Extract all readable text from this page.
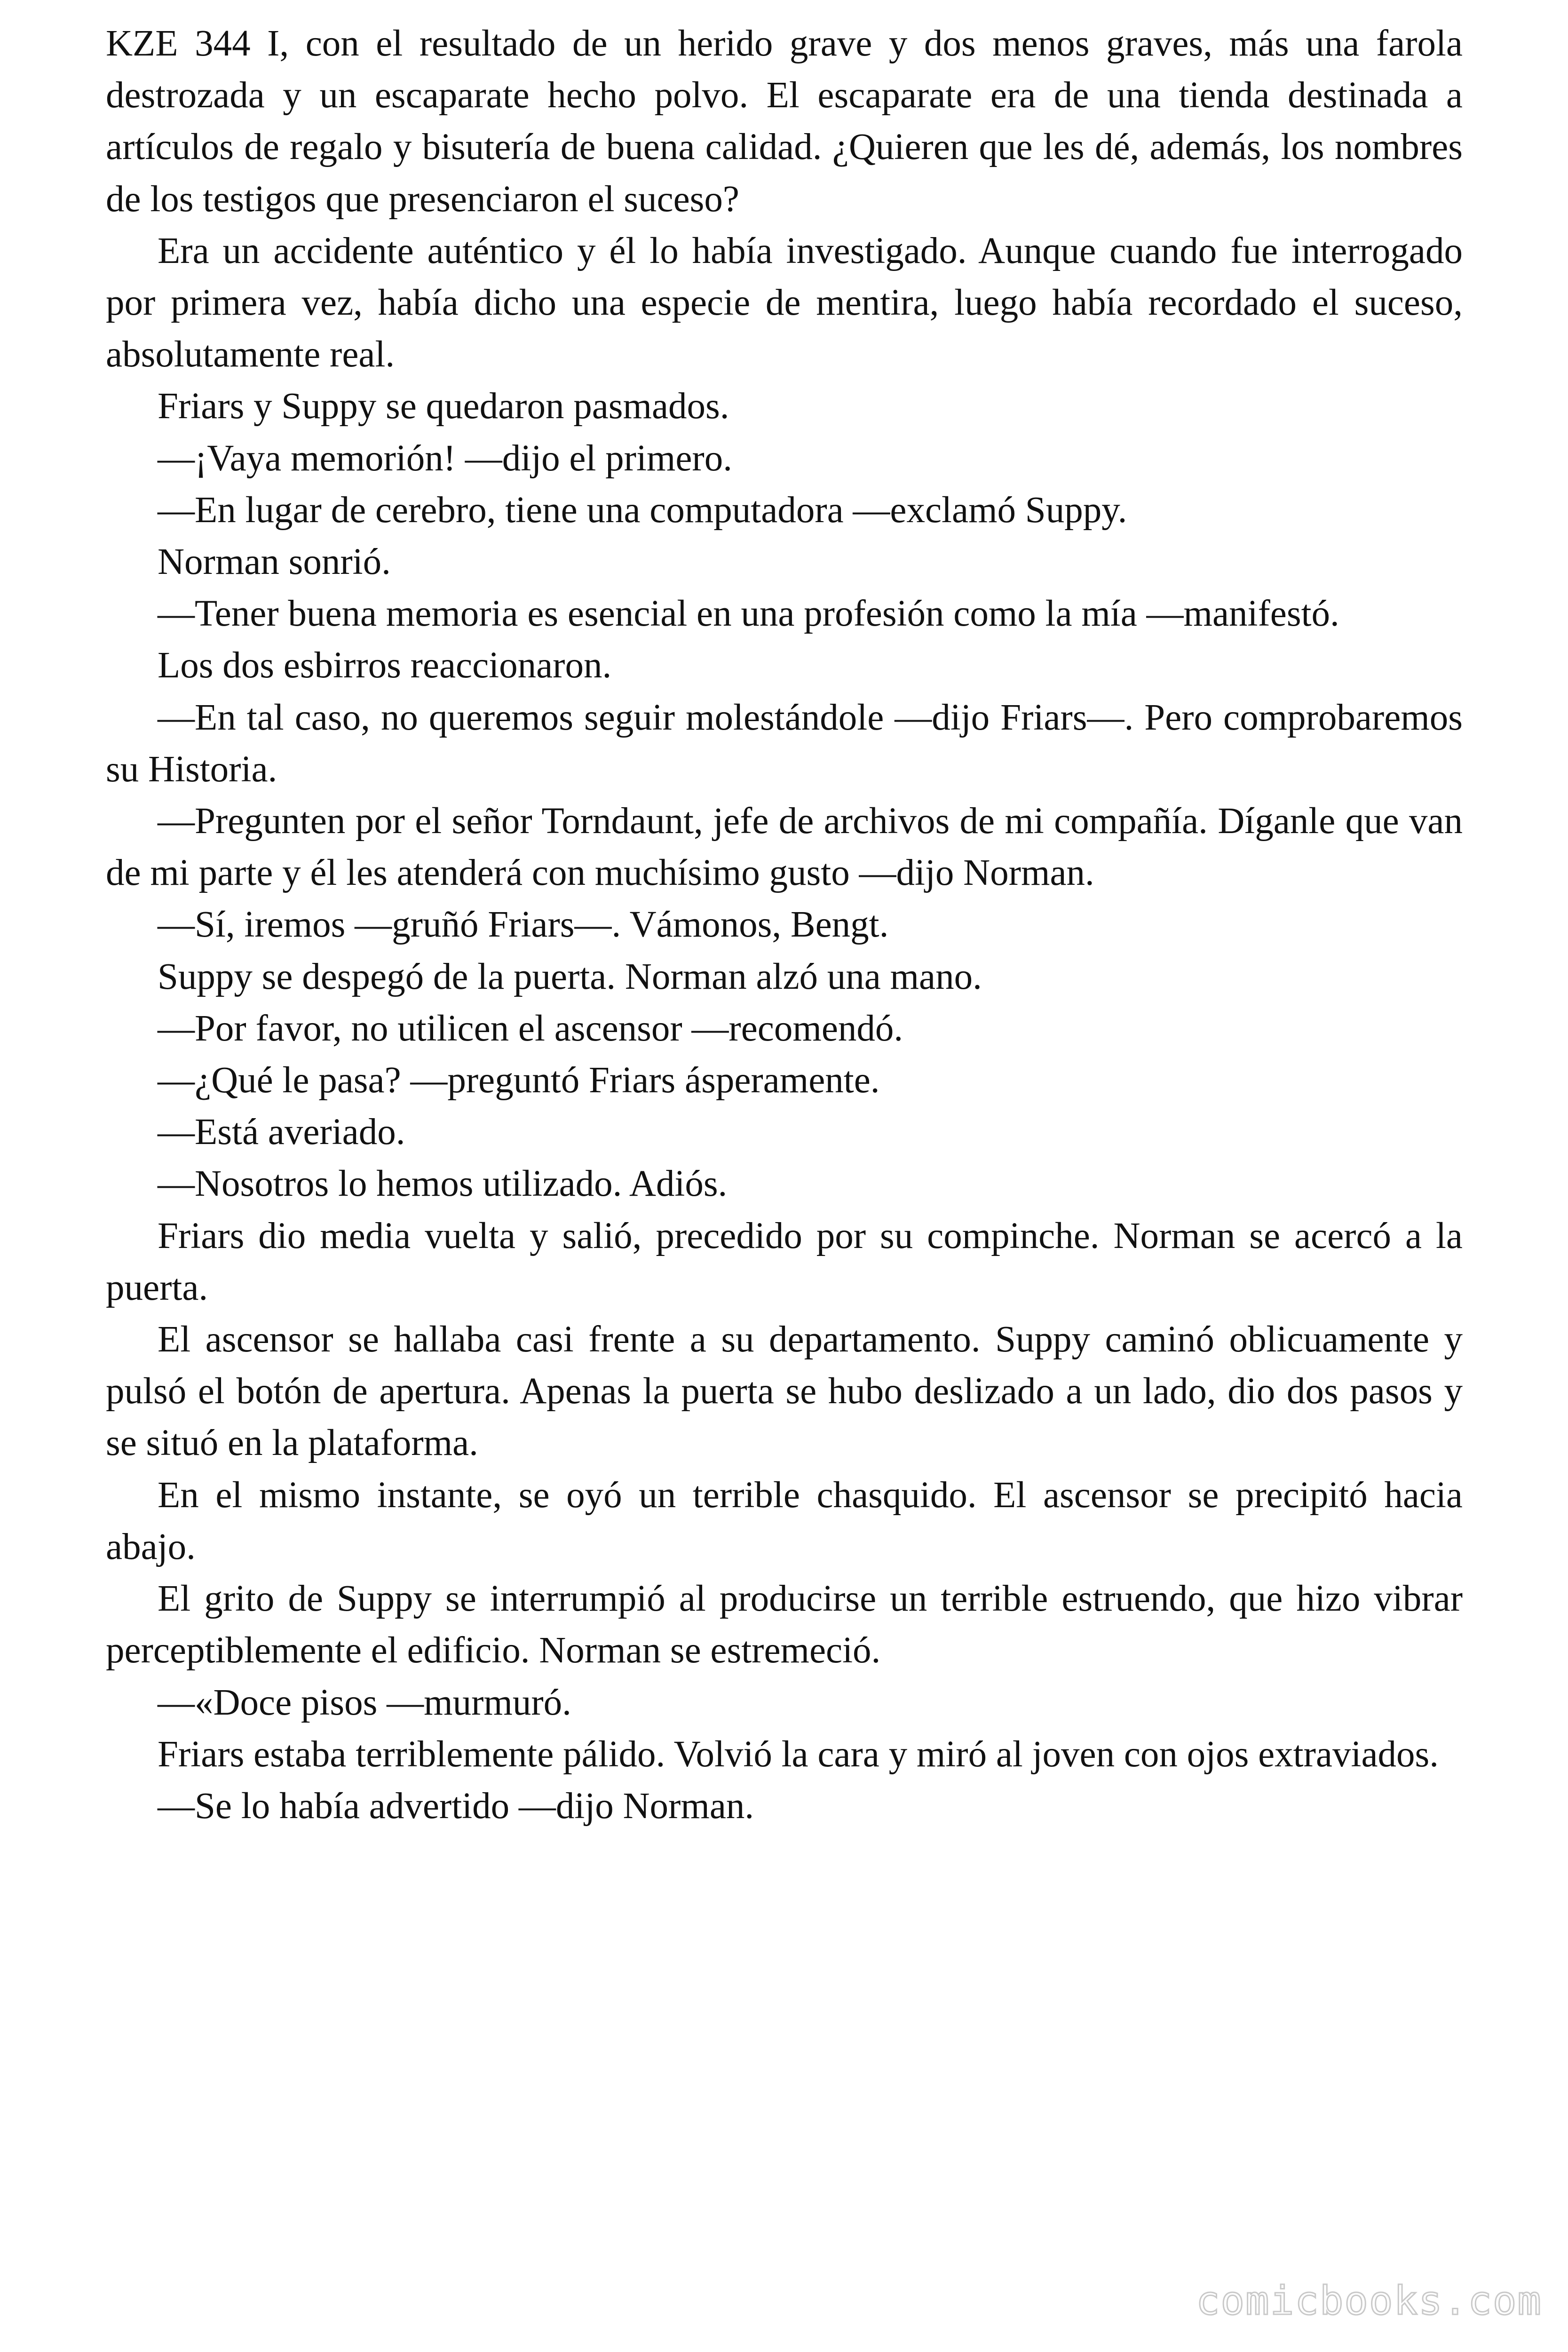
KZE 344 I, con el resultado de un herido grave y dos menos graves, más una farola destrozada y un escaparate hecho polvo. El escaparate era de una tienda destinada a artículos de regalo y bisutería de buena calidad. ¿Quieren que les dé, además, los nombres de los testigos que presenciaron el suceso?

Era un accidente auténtico y él lo había investigado. Aunque cuando fue interrogado por primera vez, había dicho una especie de mentira, luego había recordado el suceso, absolutamente real.

Friars y Suppy se quedaron pasmados.

—¡Vaya memorión! —dijo el primero.

—En lugar de cerebro, tiene una computadora —exclamó Suppy.

Norman sonrió.

—Tener buena memoria es esencial en una profesión como la mía —manifestó.

Los dos esbirros reaccionaron.

—En tal caso, no queremos seguir molestándole —dijo Friars—. Pero comprobaremos su Historia.

—Pregunten por el señor Torndaunt, jefe de archivos de mi compañía. Díganle que van de mi parte y él les atenderá con muchísimo gusto —dijo Norman.

—Sí, iremos —gruñó Friars—. Vámonos, Bengt.

Suppy se despegó de la puerta. Norman alzó una mano.

—Por favor, no utilicen el ascensor —recomendó.

—¿Qué le pasa? —preguntó Friars ásperamente.

—Está averiado.

—Nosotros lo hemos utilizado. Adiós.

Friars dio media vuelta y salió, precedido por su compinche. Norman se acercó a la puerta.

El ascensor se hallaba casi frente a su departamento. Suppy caminó oblicuamente y pulsó el botón de apertura. Apenas la puerta se hubo deslizado a un lado, dio dos pasos y se situó en la plataforma.

En el mismo instante, se oyó un terrible chasquido. El ascensor se precipitó hacia abajo.

El grito de Suppy se interrumpió al producirse un terrible estruendo, que hizo vibrar perceptiblemente el edificio. Norman se estremeció.

—«Doce pisos —murmuró.

Friars estaba terriblemente pálido. Volvió la cara y miró al joven con ojos extraviados.

—Se lo había advertido —dijo Norman.

comicbooks.com
